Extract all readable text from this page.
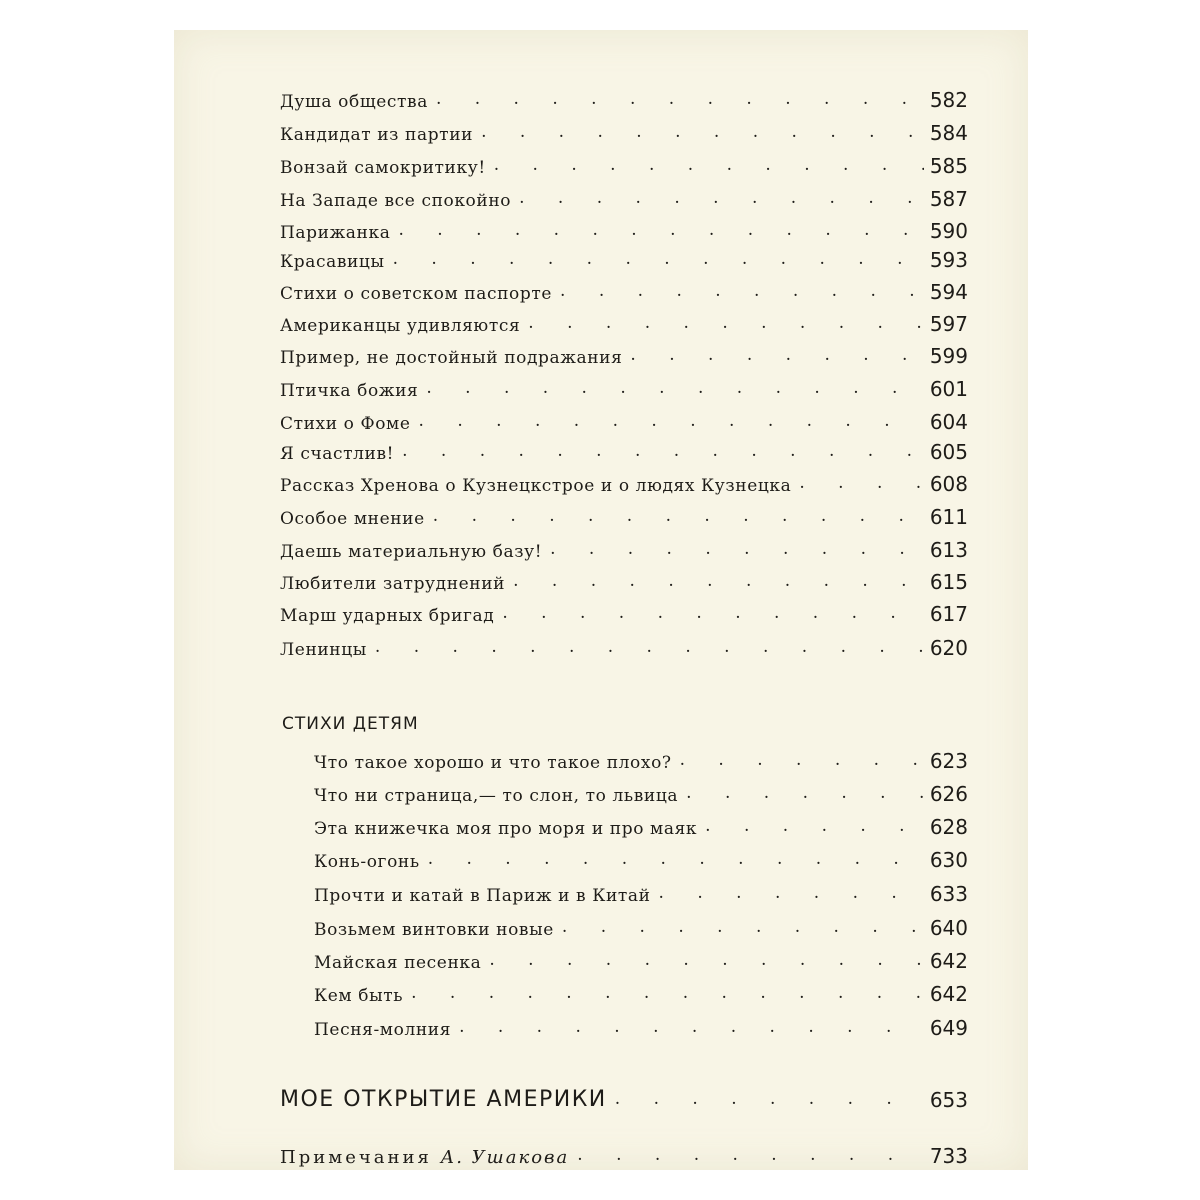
Душа общества . . .	582
Кандидат из партии . . .	584
Вонзай самокритику! . . .	585
На Западе все спокойно . . .	587
Парижанка . . .	590
Красавицы . . .	593
Стихи о советском паспорте . . .	594
Американцы удивляются . . .	597
Пример, не достойный подражания . . .	599
Птичка божия . . .	601
Стихи о Фоме . . .	604
Я счастлив! . . .	605
Рассказ Хренова о Кузнецкстрое и о людях Кузнецка . . .	608
Особое мнение . . .	611
Даешь материальную базу! . . .	613
Любители затруднений . . .	615
Марш ударных бригад . . .	617
Ленинцы . . .	620
СТИХИ ДЕТЯМ
Что такое хорошо и что такое плохо? . . .	623
Что ни страница,— то слон, то львица . . .	626
Эта книжечка моя про моря и про маяк . . .	628
Конь-огонь . . .	630
Прочти и катай в Париж и в Китай . . .	633
Возьмем винтовки новые . . .	640
Майская песенка . . .	642
Кем быть . . .	642
Песня-молния . . .	649
МОЕ ОТКРЫТИЕ АМЕРИКИ . . .	653
Примечания А. Ушакова . . .	733
